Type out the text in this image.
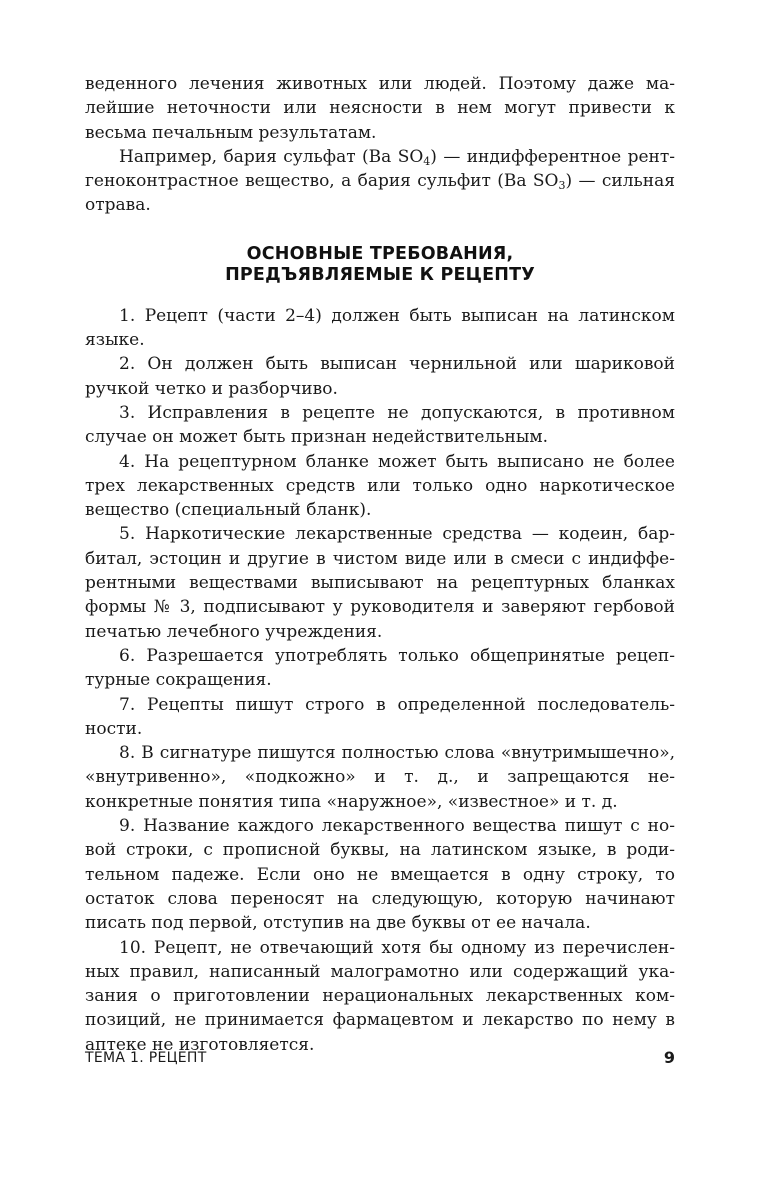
веденного лечения животных или людей. Поэтому даже малейшие неточности или неясности в нем могут привести к весьма печальным результатам.

Например, бария сульфат (Ba $SO_4$) — индифферентное рентгеноконтрастное вещество, а бария сульфит (Ba $SO_3$) — сильная отрава.

ОСНОВНЫЕ ТРЕБОВАНИЯ,
ПРЕДЪЯВЛЯЕМЫЕ К РЕЦЕПТУ

1. Рецепт (части 2–4) должен быть выписан на латинском языке.

2. Он должен быть выписан чернильной или шариковой ручкой четко и разборчиво.

3. Исправления в рецепте не допускаются, в противном случае он может быть признан недействительным.

4. На рецептурном бланке может быть выписано не более трех лекарственных средств или только одно наркотическое вещество (специальный бланк).

5. Наркотические лекарственные средства — кодеин, барбитал, эстоцин и другие в чистом виде или в смеси с индифферентными веществами выписывают на рецептурных бланках формы № 3, подписывают у руководителя и заверяют гербовой печатью лечебного учреждения.

6. Разрешается употреблять только общепринятые рецептурные сокращения.

7. Рецепты пишут строго в определенной последовательности.

8. В сигнатуре пишутся полностью слова «внутримышечно», «внутривенно», «подкожно» и т. д., и запрещаются неконкретные понятия типа «наружное», «известное» и т. д.

9. Название каждого лекарственного вещества пишут с новой строки, с прописной буквы, на латинском языке, в родительном падеже. Если оно не вмещается в одну строку, то остаток слова переносят на следующую, которую начинают писать под первой, отступив на две буквы от ее начала.

10. Рецепт, не отвечающий хотя бы одному из перечисленных правил, написанный малограмотно или содержащий указания о приготовлении нерациональных лекарственных композиций, не принимается фармацевтом и лекарство по нему в аптеке не изготовляется.

ТЕМА 1. РЕЦЕПТ	9
